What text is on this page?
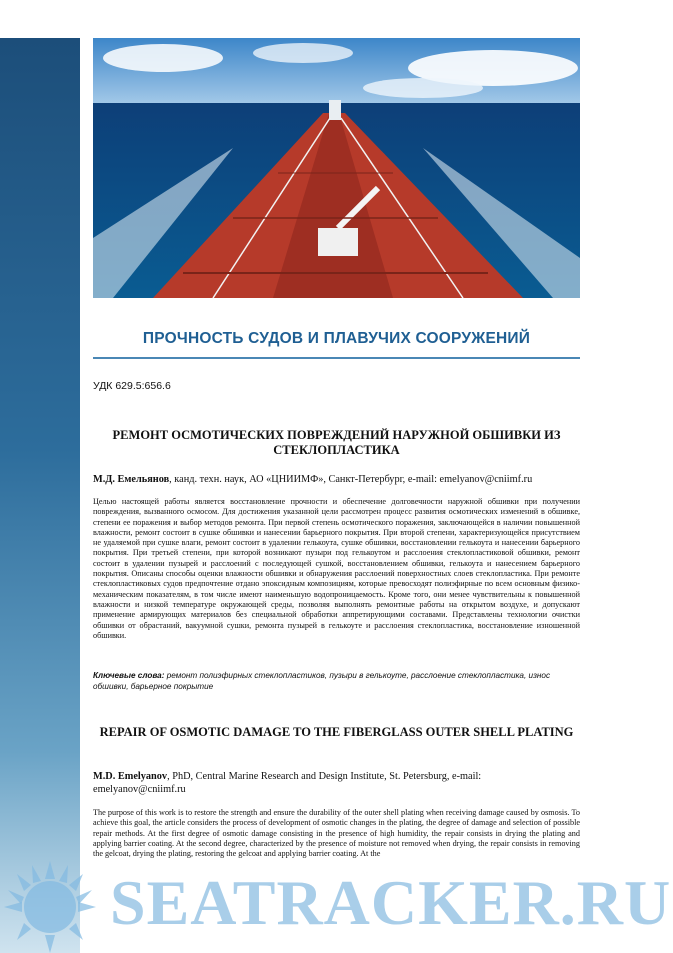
ПРОЧНОСТЬ СУДОВ И ПЛАВУЧИХ СООРУЖЕНИЙ
УДК 629.5:656.6
РЕМОНТ ОСМОТИЧЕСКИХ ПОВРЕЖДЕНИЙ НАРУЖНОЙ ОБШИВКИ ИЗ СТЕКЛОПЛАСТИКА
М.Д. Емельянов, канд. техн. наук, АО «ЦНИИМФ», Санкт-Петербург, e-mail: emelyanov@cniimf.ru
Целью настоящей работы является восстановление прочности и обеспечение долговечности наружной обшивки при получении повреждения, вызванного осмосом. Для достижения указанной цели рассмотрен процесс развития осмотических изменений в обшивке, степени ее поражения и выбор методов ремонта. При первой степень осмотического поражения, заключающейся в наличии повышенной влажности, ремонт состоит в сушке обшивки и нанесении барьерного покрытия. При второй степени, характеризующейся присутствием не удаляемой при сушке влаги, ремонт состоит в удалении гелькоута, сушке обшивки, восстановлении гелькоута и нанесении барьерного покрытия. При третьей степени, при которой возникают пузыри под гелькоутом и расслоения стеклопластиковой обшивки, ремонт состоит в удалении пузырей и расслоений с последующей сушкой, восстановлением обшивки, гелькоута и нанесением барьерного покрытия. Описаны способы оценки влажности обшивки и обнаружения расслоений поверхностных слоев стеклопластика. При ремонте стеклопластиковых судов предпочтение отдано эпоксидным композициям, которые превосходят полиэфирные по всем основным физико-механическим показателям, в том числе имеют наименьшую водопроницаемость. Кроме того, они менее чувствительны к повышенной влажности и низкой температуре окружающей среды, позволяя выполнять ремонтные работы на открытом воздухе, и допускают применение армирующих материалов без специальной обработки аппретирующими составами. Представлены технологии очистки обшивки от обрастаний, вакуумной сушки, ремонта пузырей в гелькоуте и расслоения стеклопластика, восстановление изношенной обшивки.
Ключевые слова: ремонт полиэфирных стеклопластиков, пузыри в гелькоуте, расслоение стеклопластика, износ обшивки, барьерное покрытие
REPAIR OF OSMOTIC DAMAGE TO THE FIBERGLASS OUTER SHELL PLATING
M.D. Emelyanov, PhD, Central Marine Research and Design Institute, St. Petersburg, e-mail: emelyanov@cniimf.ru
The purpose of this work is to restore the strength and ensure the durability of the outer shell plating when receiving damage caused by osmosis. To achieve this goal, the article considers the process of development of osmotic changes in the plating, the degree of damage and selection of possible repair methods. At the first degree of osmotic damage consisting in the presence of high humidity, the repair consists in drying the plating and applying barrier coating. At the second degree, characterized by the presence of moisture not removed when drying, the repair consists in removing the gelcoat, drying the plating, restoring the gelcoat and applying barrier coating. At the
SEATRACKER.RU
